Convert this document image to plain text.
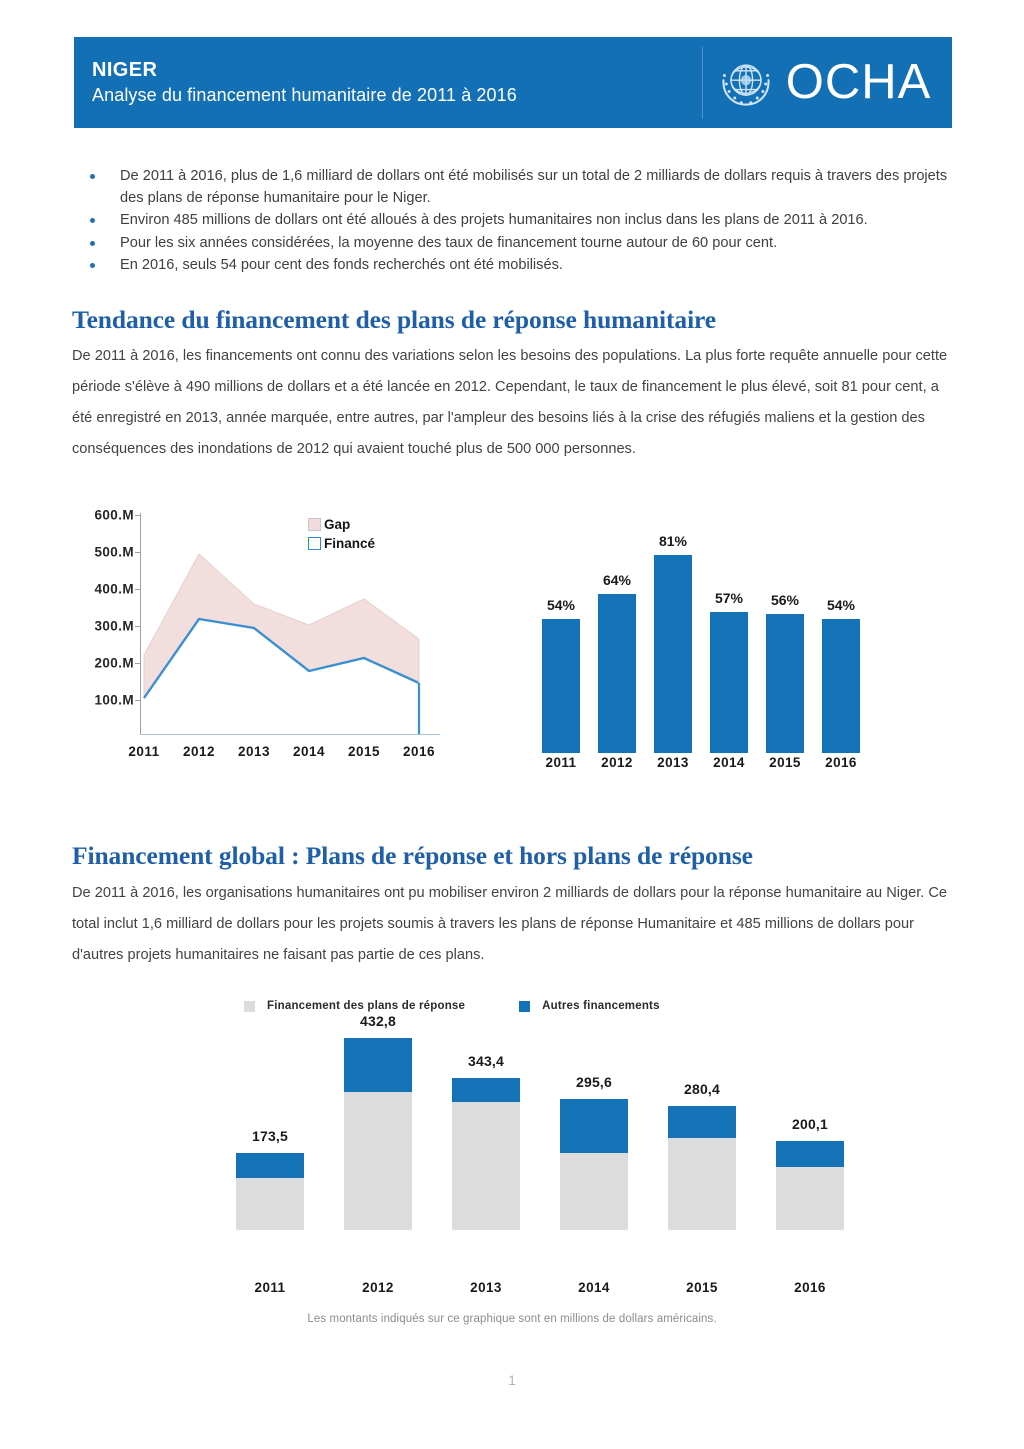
NIGER
Analyse du financement humanitaire de 2011 à 2016	OCHA
De 2011 à 2016, plus de 1,6 milliard de dollars ont été mobilisés sur un total de 2 milliards de dollars requis à travers des projets des plans de réponse humanitaire pour le Niger.
Environ 485 millions de dollars ont été alloués à des projets humanitaires non inclus dans les plans de 2011 à 2016.
Pour les six années considérées, la moyenne des taux de financement tourne autour de 60 pour cent.
En 2016, seuls 54 pour cent des fonds recherchés ont été mobilisés.
Tendance du financement des plans de réponse humanitaire
De 2011 à 2016, les financements ont connu des variations selon les besoins des populations. La plus forte requête annuelle pour cette période s'élève à 490 millions de dollars et a été lancée en 2012. Cependant, le taux de financement le plus élevé, soit 81 pour cent, a été enregistré en 2013, année marquée, entre autres, par l'ampleur des besoins liés à la crise des réfugiés maliens et la gestion des conséquences des inondations de 2012 qui avaient touché plus de 500 000 personnes.
600.M
500.M
400.M
300.M
200.M
100.M
Gap
Financé
2011 2012 2013 2014 2015 2016
54%
64%
81%
57% 56% 54%
2011 2012 2013 2014 2015 2016
Financement global : Plans de réponse et hors plans de réponse
De 2011 à 2016, les organisations humanitaires ont pu mobiliser environ 2 milliards de dollars pour la réponse humanitaire au Niger. Ce total inclut 1,6 milliard de dollars pour les projets soumis à travers les plans de réponse Humanitaire et 485 millions de dollars pour d'autres projets humanitaires ne faisant pas partie de ces plans.
Financement des plans de réponse	Autres financements
173,5
432,8
343,4
295,6	280,4
200,1
2011	2012	2013	2014	2015	2016
Les montants indiqués sur ce graphique sont en millions de dollars américains.
1
